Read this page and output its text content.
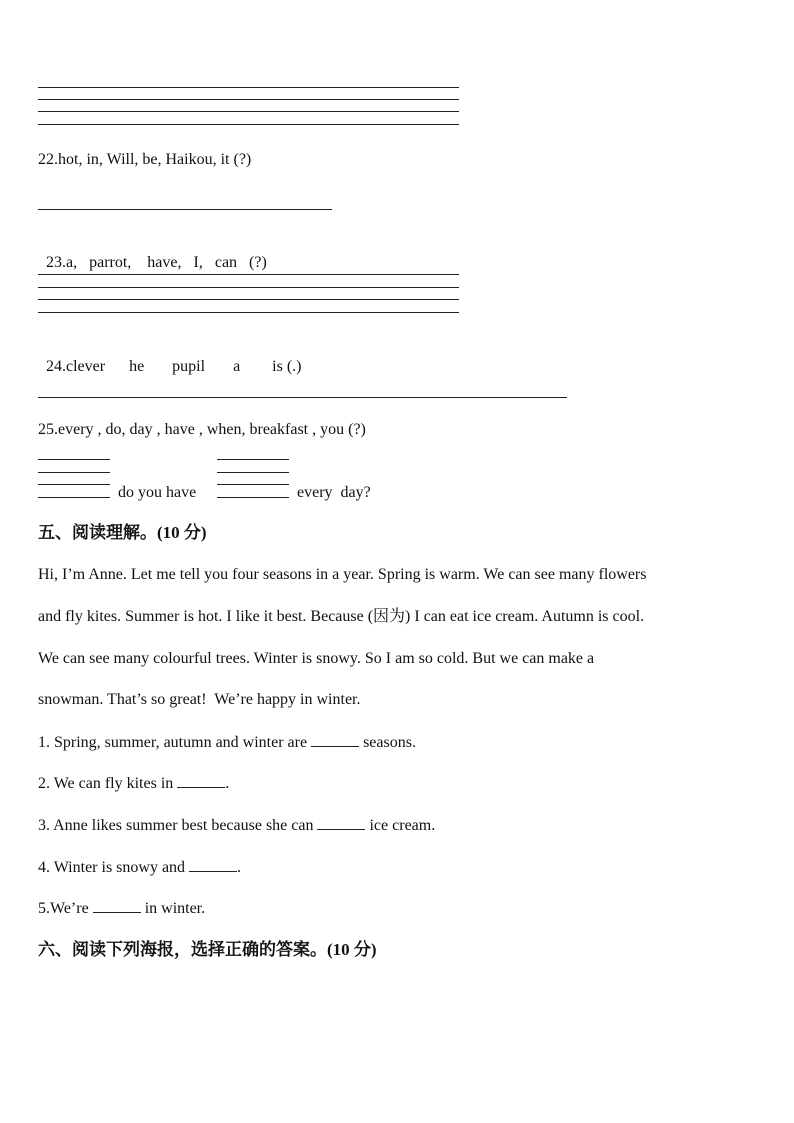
22.hot, in, Will, be, Haikou, it (?)

23.a,   parrot,    have,   I,   can   (?)

24.clever      he       pupil       a        is (.)

25.every , do, day , have , when, breakfast , you (?)
do you have	every  day?
五、阅读理解。(10 分)
Hi, I’m Anne. Let me tell you four seasons in a year. Spring is warm. We can see many flowers
and fly kites. Summer is hot. I like it best. Because (因为) I can eat ice cream. Autumn is cool.
We can see many colourful trees. Winter is snowy. So I am so cold. But we can make a
snowman. That’s so great!  We’re happy in winter.
1. Spring, summer, autumn and winter are	seasons.
2. We can fly kites in	.
3. Anne likes summer best because she can	ice cream.
4. Winter is snowy and	.
5.We’re	in winter.
六、阅读下列海报，选择正确的答案。(10 分)
